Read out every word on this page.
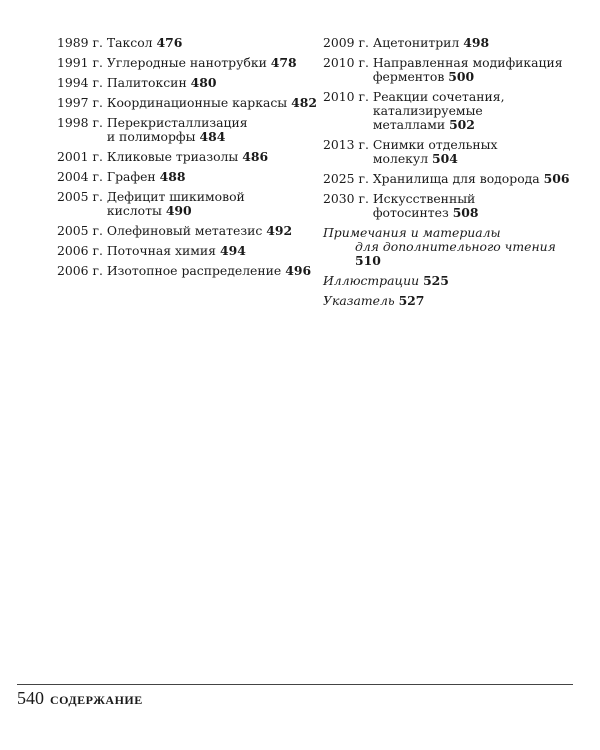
1989 г. Таксол 476
1991 г. Углеродные нанотрубки 478
1994 г. Палитоксин 480
1997 г. Координационные каркасы 482
1998 г. Перекристаллизация
и полиморфы 484
2001 г. Кликовые триазолы 486
2004 г. Графен 488
2005 г. Дефицит шикимовой кислоты 490
2005 г. Олефиновый метатезис 492
2006 г. Поточная химия 494
2006 г. Изотопное распределение 496
2009 г. Ацетонитрил 498
2010 г. Направленная модификация
ферментов 500
2010 г. Реакции сочетания,
катализируемые металлами 502
2013 г. Снимки отдельных молекул 504
2025 г. Хранилища для водорода 506
2030 г. Искусственный фотосинтез 508
Примечания и материалы
для дополнительного чтения 510
Иллюстрации 525
Указатель 527
540 СОДЕРЖАНИЕ
